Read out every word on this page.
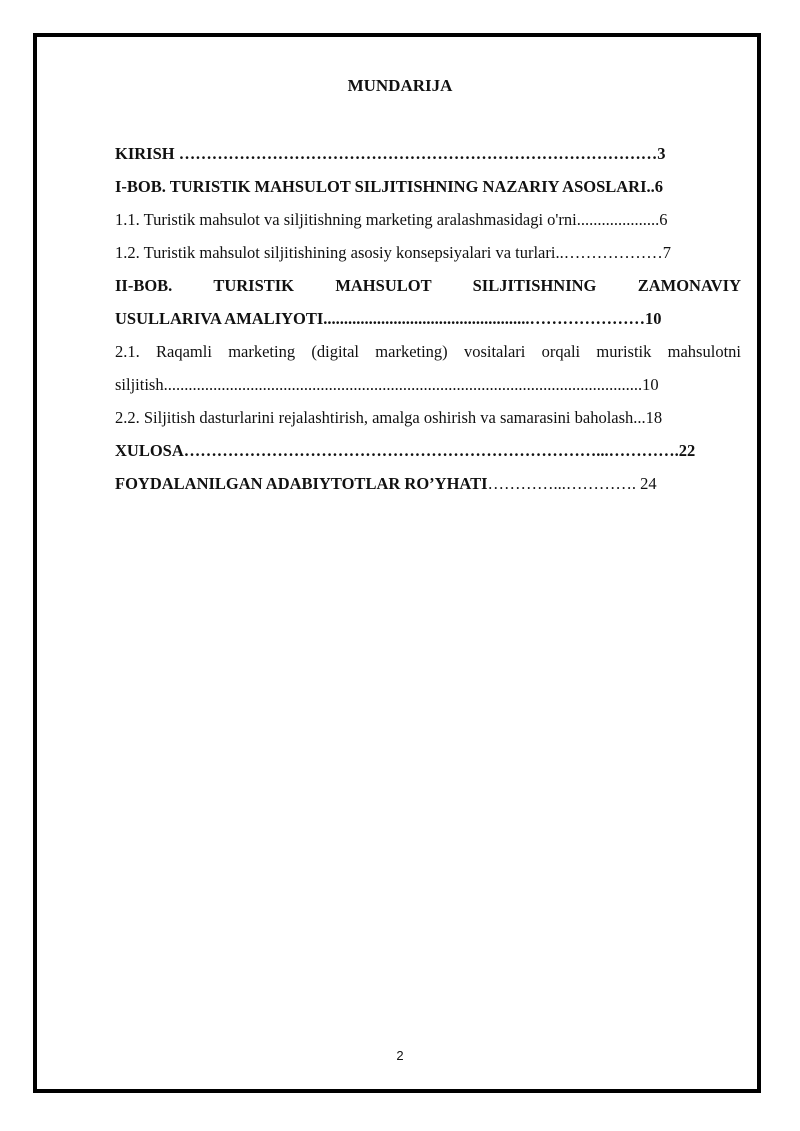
MUNDARIJA
KIRISH ……………………………………………………………………………3
I-BOB. TURISTIK MAHSULOT SILJITISHNING NAZARIY ASOSLARI..6
1.1. Turistik mahsulot va siljitishning marketing aralashmasidagi o'rni....................6
1.2. Turistik mahsulot siljitishining asosiy konsepsiyalari va turlari..………………7
II-BOB. TURISTIK MAHSULOT SILJITISHNING ZAMONAVIY
USULLARIVA AMALIYOTI..................................................…………………10
2.1. Raqamli marketing (digital marketing) vositalari orqali muristik mahsulotni
siljitish....................................................................................................................10
2.2. Siljitish dasturlarini rejalashtirish, amalga oshirish va samarasini baholash...18
XULOSA…………………………………………………………………...………….22
FOYDALANILGAN ADABIYTOTLAR RO’YHATI…………...…………. 24
2
